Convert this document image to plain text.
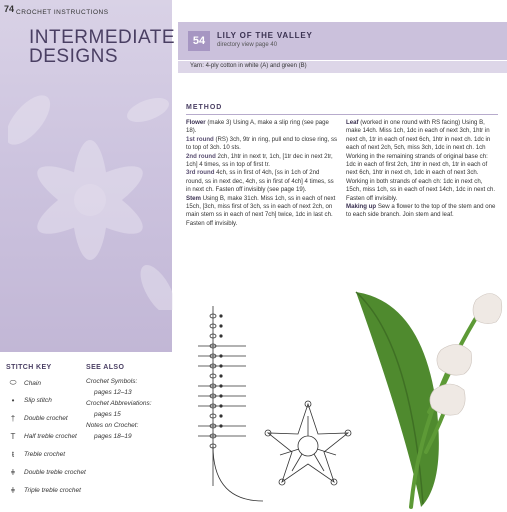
74 CROCHET INSTRUCTIONS
INTERMEDIATE
DESIGNS
STITCH KEY
⬭	Chain
•	Slip stitch
†	Double crochet
T	Half treble crochet
ŧ	Treble crochet
ǂ	Double treble crochet
ǂ	Triple treble crochet
SEE ALSO
Crochet Symbols:
pages 12–13
Crochet Abbreviations:
pages 15
Notes on Crochet:
pages 18–19
54	LILY OF THE VALLEY
directory view page 40
Yarn: 4-ply cotton in white (A) and green (B)
METHOD

Flower (make 3) Using A, make a slip ring (see page 18).

1st round (RS) 3ch, 9tr in ring, pull end to close ring, ss to top of 3ch. 10 sts.

2nd round 2ch, 1htr in next tr, 1ch, [1tr dec in next 2tr, 1ch] 4 times, ss in top of first tr.

3rd round 4ch, ss in first of 4ch, [ss in 1ch of 2nd round, ss in next dec, 4ch, ss in first of 4ch] 4 times, ss in next ch. Fasten off invisibly (see page 19).

Stem Using B, make 31ch. Miss 1ch, ss in each of next 15ch, [3ch, miss first of 3ch, ss in each of next 2ch, on main stem ss in each of next 7ch] twice, 1dc in last ch. Fasten off invisibly.

Leaf (worked in one round with RS facing) Using B, make 14ch. Miss 1ch, 1dc in each of next 3ch, 1htr in next ch, 1tr in each of next 6ch, 1htr in next ch. 1dc in each of next 2ch, 5ch, miss 3ch, 1dc in next ch. 1ch Working in the remaining strands of original base ch: 1dc in each of first 2ch, 1htr in next ch, 1tr in each of next 6ch, 1htr in next ch, 1dc in each of next 3ch. Working in both strands of each ch: 1dc in next ch, 15ch, miss 1ch, ss in each of next 14ch, 1dc in next ch. Fasten off invisibly.

Making up Sew a flower to the top of the stem and one to each side branch. Join stem and leaf.
